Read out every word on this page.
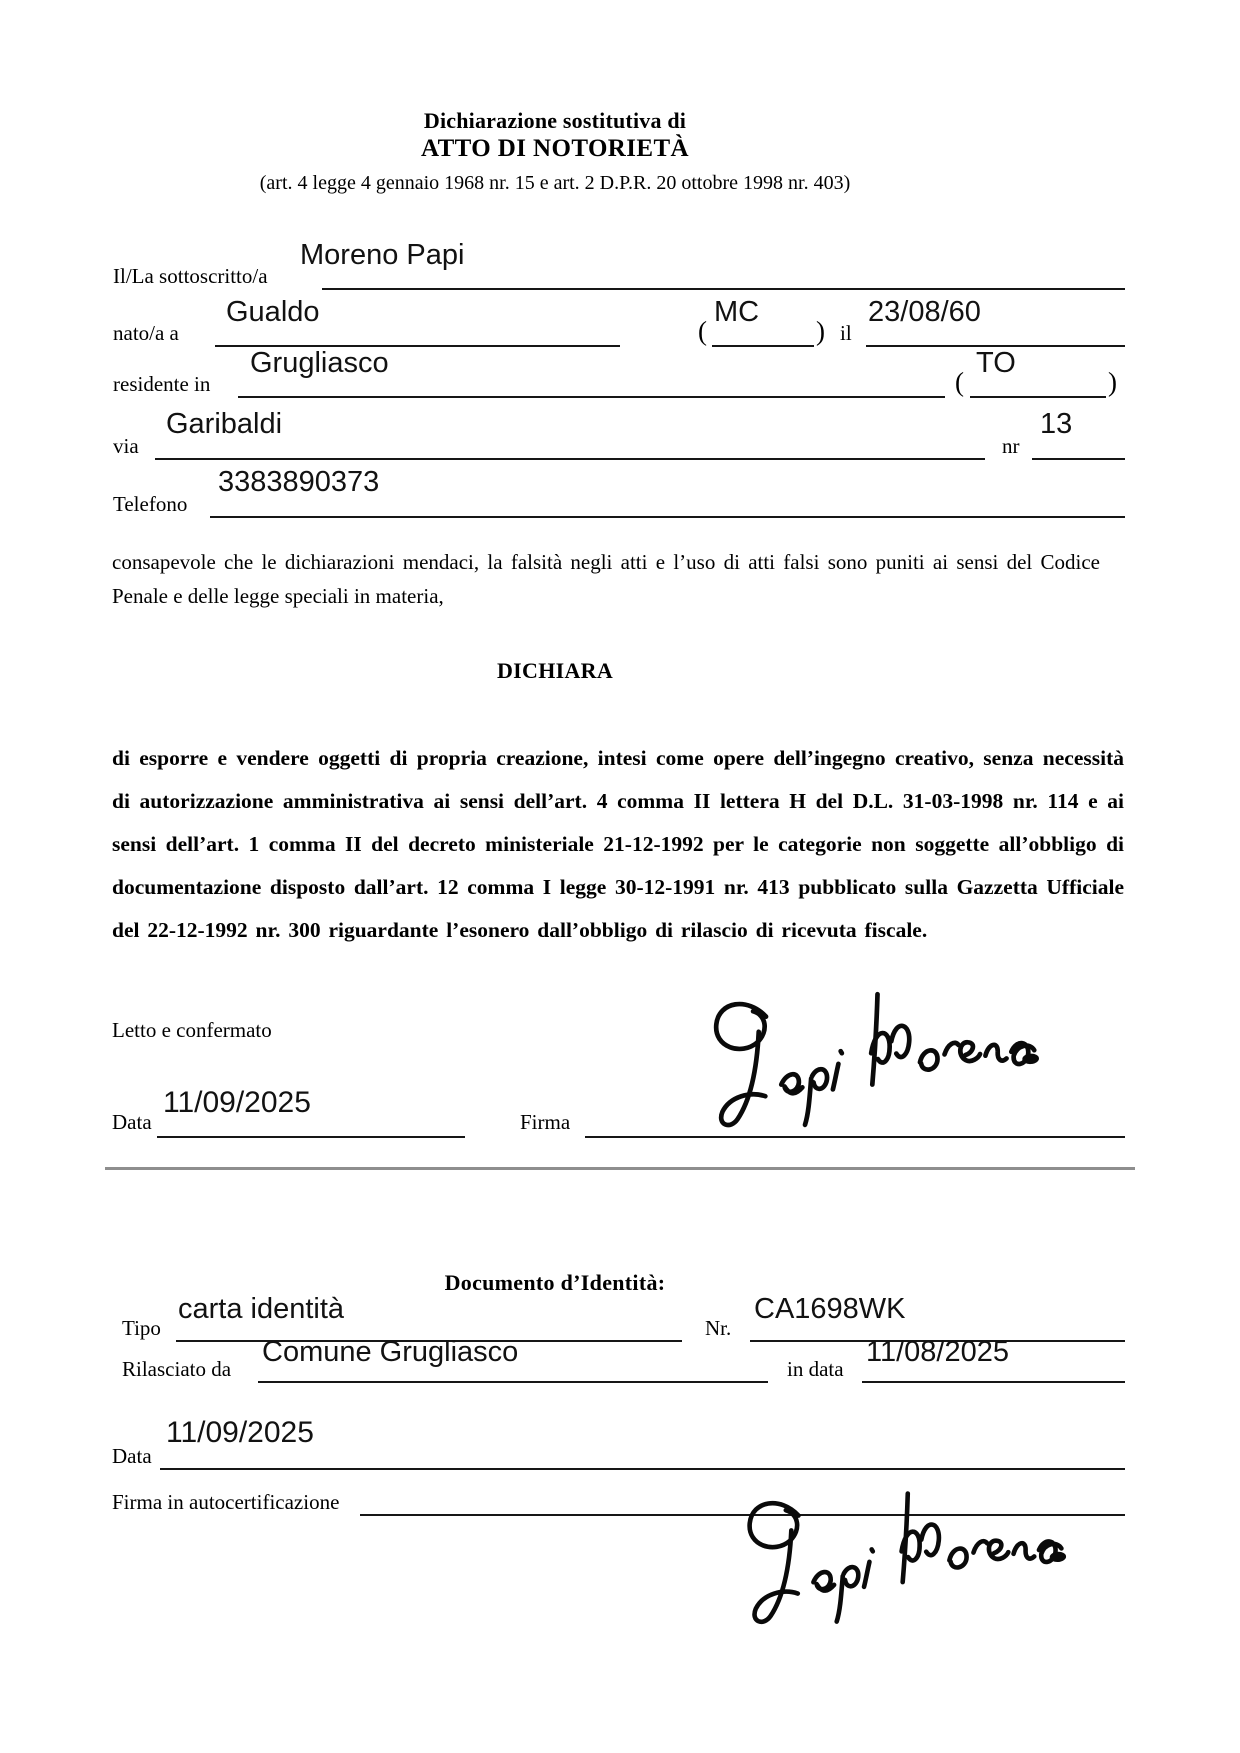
Dichiarazione sostitutiva di
ATTO DI NOTORIETÀ
(art. 4 legge 4 gennaio 1968 nr. 15 e art. 2 D.P.R. 20 ottobre 1998 nr. 403)
Il/La sottoscritto/a
Moreno Papi
nato/a a
Gualdo
(
MC
) il
23/08/60
residente in
Grugliasco
(
TO
)
via
Garibaldi
nr
13
Telefono
3383890373
consapevole che le dichiarazioni mendaci, la falsità negli atti e l’uso di atti falsi sono puniti ai sensi del Codice Penale e delle legge speciali in materia,
DICHIARA
di esporre e vendere oggetti di propria creazione, intesi come opere dell’ingegno creativo, senza necessità di autorizzazione amministrativa ai sensi dell’art. 4 comma II lettera H del D.L. 31-03-1998 nr. 114 e ai sensi dell’art. 1 comma II del decreto ministeriale 21-12-1992 per le categorie non soggette all’obbligo di documentazione disposto dall’art. 12 comma I legge 30-12-1991 nr. 413 pubblicato sulla Gazzetta Ufficiale del 22-12-1992 nr. 300 riguardante l’esonero dall’obbligo di rilascio di ricevuta fiscale.
Letto e confermato
Data
11/09/2025
Firma
Documento d’Identità:
Tipo
carta identità
Nr.
CA1698WK
Rilasciato da
Comune Grugliasco
in data
11/08/2025
Data
11/09/2025
Firma in autocertificazione
